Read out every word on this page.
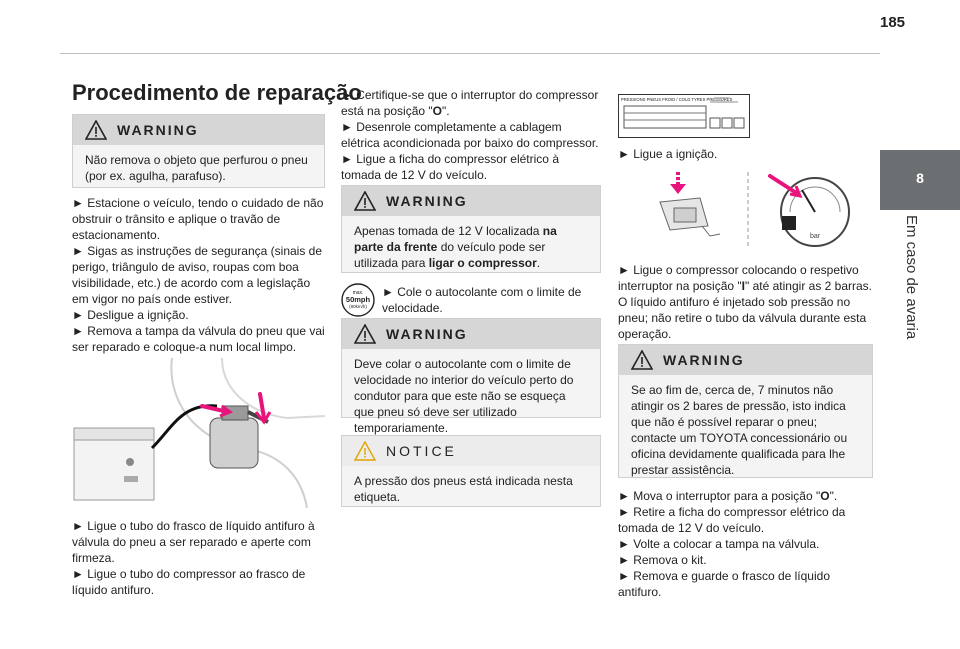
185
8
Em caso de avaria
Procedimento de reparação
WARNING
Não remova o objeto que perfurou o pneu (por ex. agulha, parafuso).

► Estacione o veículo, tendo o cuidado de não obstruir o trânsito e aplique o travão de estacionamento.

► Sigas as instruções de segurança (sinais de perigo, triângulo de aviso, roupas com boa visibilidade, etc.) de acordo com a legislação em vigor no país onde estiver.

► Desligue a ignição.

► Remova a tampa da válvula do pneu que vai ser reparado e coloque-a num local limpo.

► Ligue o tubo do frasco de líquido antifuro à válvula do pneu a ser reparado e aperte com firmeza.

► Ligue o tubo do compressor ao frasco de líquido antifuro.

► Certifique-se que o interruptor do compressor está na posição "O".

► Desenrole completamente a cablagem elétrica acondicionada por baixo do compressor.

► Ligue a ficha do compressor elétrico à tomada de 12 V do veículo.

WARNING
Apenas tomada de 12 V localizada na parte da frente do veículo pode ser utilizada para ligar o compressor.
max.
50mph
(80km/h)
► Cole o autocolante com o limite de velocidade.
WARNING
Deve colar o autocolante com o limite de velocidade no interior do veículo perto do condutor para que este não se esqueça que pneu só deve ser utilizado temporariamente.
NOTICE
A pressão dos pneus está indicada nesta etiqueta.
PRESSIONS PNEUS FROID / COLD TYRES PRESSURES
► Ligue a ignição.
bar
► Ligue o compressor colocando o respetivo interruptor na posição "I" até atingir as 2 barras. O líquido antifuro é injetado sob pressão no pneu; não retire o tubo da válvula durante esta operação.
WARNING
Se ao fim de, cerca de, 7 minutos não atingir os 2 bares de pressão, isto indica que não é possível reparar o pneu; contacte um TOYOTA concessionário ou oficina devidamente qualificada para lhe prestar assistência.

► Mova o interruptor para a posição "O".

► Retire a ficha do compressor elétrico da tomada de 12 V do veículo.

► Volte a colocar a tampa na válvula.

► Remova o kit.

► Remova e guarde o frasco de líquido antifuro.
